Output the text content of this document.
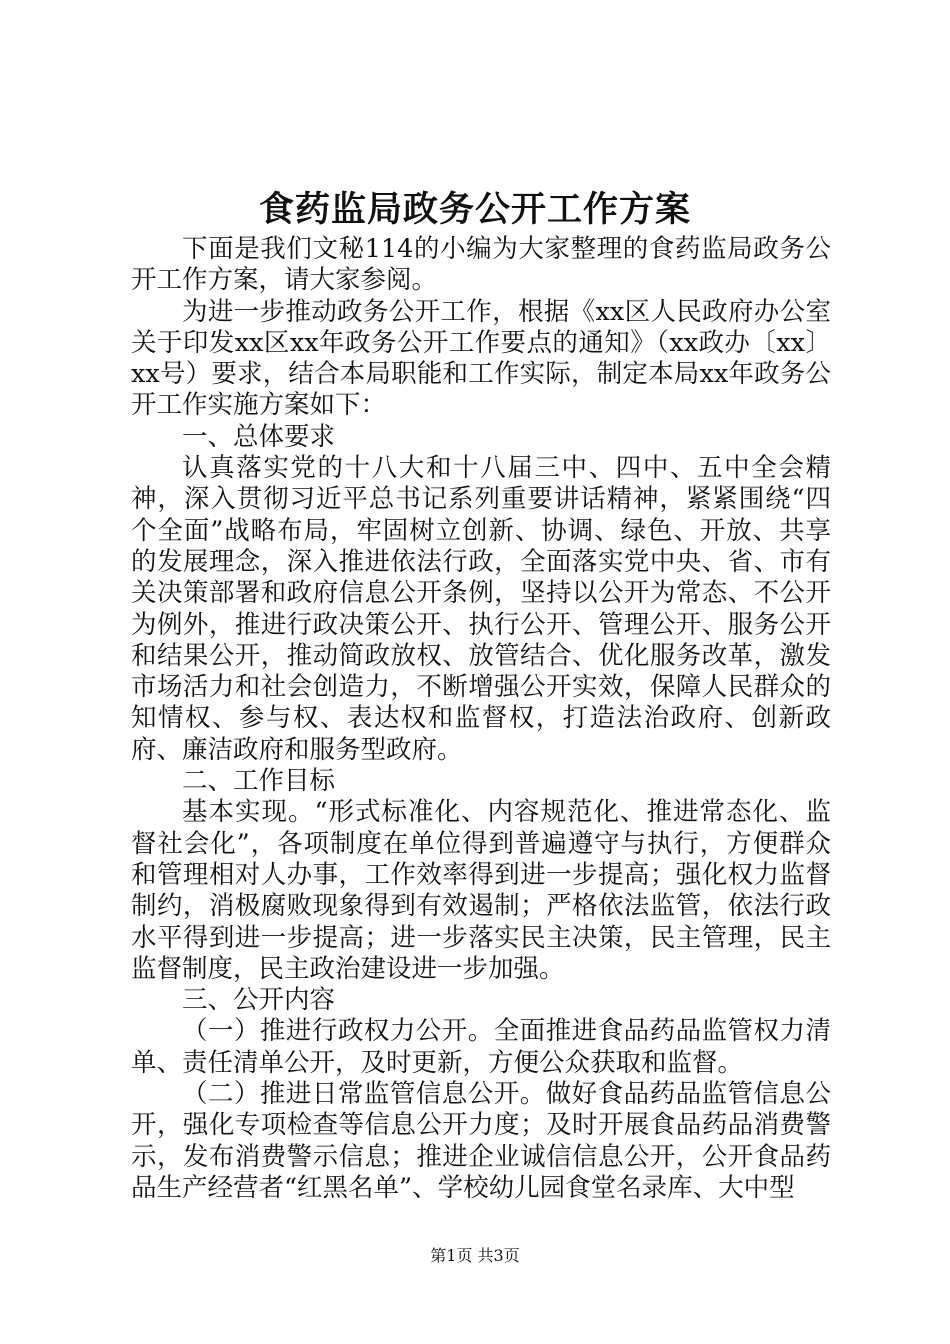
食药监局政务公开工作方案

下面是我们文秘114的小编为大家整理的食药监局政务公开工作方案，请大家参阅。

为进一步推动政务公开工作，根据《xx区人民政府办公室关于印发xx区xx年政务公开工作要点的通知》（xx政办〔xx〕xx号）要求，结合本局职能和工作实际，制定本局xx年政务公开工作实施方案如下：

一、总体要求

认真落实党的十八大和十八届三中、四中、五中全会精神，深入贯彻习近平总书记系列重要讲话精神，紧紧围绕“四个全面”战略布局，牢固树立创新、协调、绿色、开放、共享的发展理念，深入推进依法行政，全面落实党中央、省、市有关决策部署和政府信息公开条例，坚持以公开为常态、不公开为例外，推进行政决策公开、执行公开、管理公开、服务公开和结果公开，推动简政放权、放管结合、优化服务改革，激发市场活力和社会创造力，不断增强公开实效，保障人民群众的知情权、参与权、表达权和监督权，打造法治政府、创新政府、廉洁政府和服务型政府。

二、工作目标

基本实现。“形式标准化、内容规范化、推进常态化、监督社会化”，各项制度在单位得到普遍遵守与执行，方便群众和管理相对人办事，工作效率得到进一步提高；强化权力监督制约，消极腐败现象得到有效遏制；严格依法监管，依法行政水平得到进一步提高；进一步落实民主决策，民主管理，民主监督制度，民主政治建设进一步加强。

三、公开内容

（一）推进行政权力公开。全面推进食品药品监管权力清单、责任清单公开，及时更新，方便公众获取和监督。

（二）推进日常监管信息公开。做好食品药品监管信息公开，强化专项检查等信息公开力度；及时开展食品药品消费警示，发布消费警示信息；推进企业诚信信息公开，公开食品药品生产经营者“红黑名单”、学校幼儿园食堂名录库、大中型

第1页 共3页
